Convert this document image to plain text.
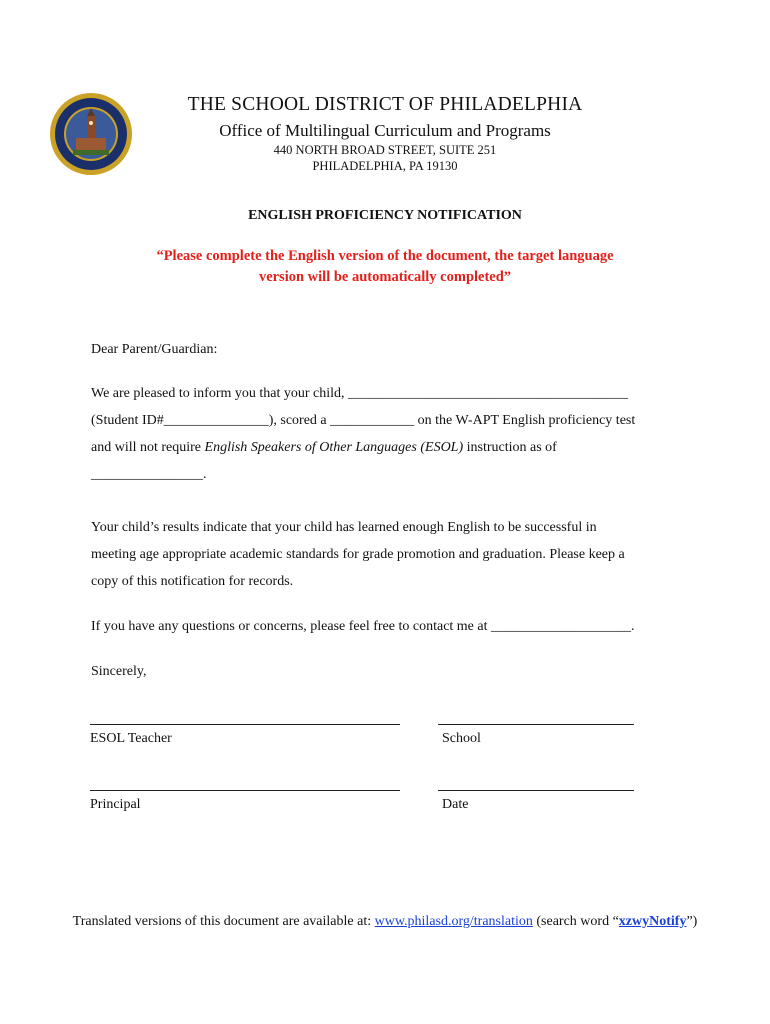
THE SCHOOL DISTRICT OF PHILADELPHIA
Office of Multilingual Curriculum and Programs
440 NORTH BROAD STREET, SUITE 251
PHILADELPHIA, PA 19130
ENGLISH PROFICIENCY NOTIFICATION
“Please complete the English version of the document, the target language
version will be automatically completed”
Dear Parent/Guardian:
We are pleased to inform you that your child, ________________________________________
(Student ID#_______________), scored a ____________ on the W-APT English proficiency test
and will not require English Speakers of Other Languages (ESOL) instruction as of
________________.
Your child’s results indicate that your child has learned enough English to be successful in
meeting age appropriate academic standards for grade promotion and graduation. Please keep a
copy of this notification for records.
If you have any questions or concerns, please feel free to contact me at ____________________.
Sincerely,
ESOL Teacher	School
Principal	Date
Translated versions of this document are available at: www.philasd.org/translation (search word “xzwyNotify”)
